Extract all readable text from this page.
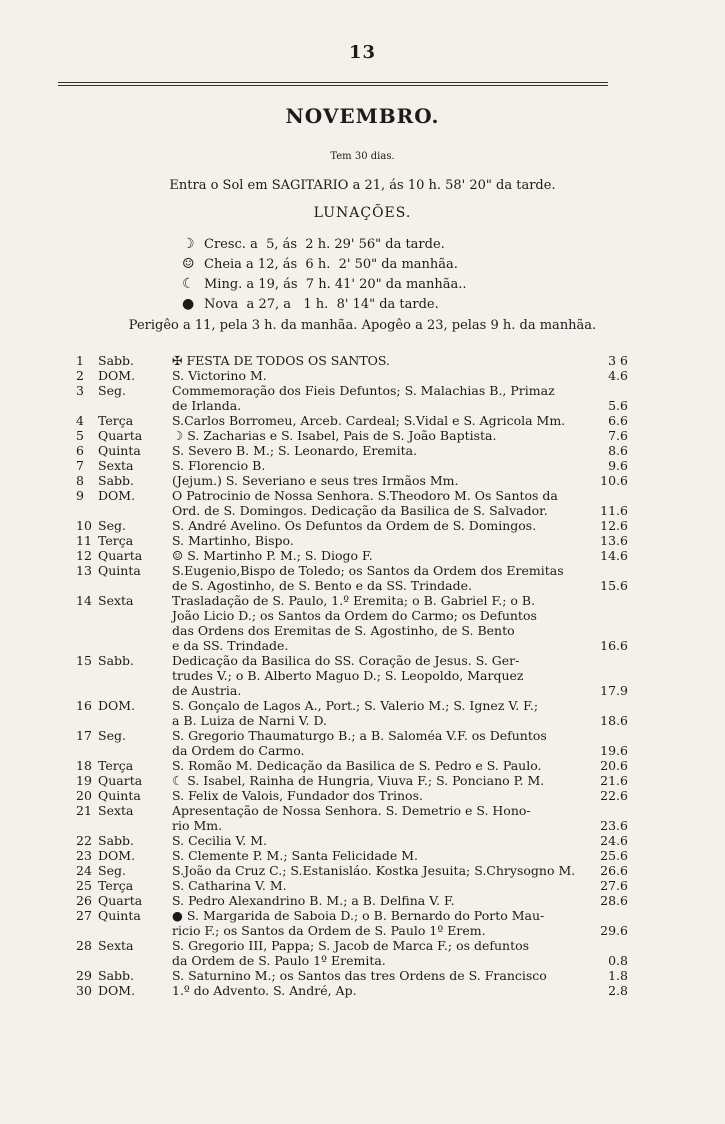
13
NOVEMBRO.
Tem 30 dias.
Entra o Sol em SAGITARIO a 21, ás 10 h. 58' 20" da tarde.
LUNAÇÕES.
☽ Cresc. a  5, ás  2 h. 29' 56" da tarde.
☺ Cheia a 12, ás  6 h.  2' 50" da manhãa.
☾ Ming. a 19, ás  7 h. 41' 20" da manhãa..
● Nova  a 27, a   1 h.  8' 14" da tarde.
Perigêo a 11, pela 3 h. da manhãa. Apogêo a 23, pelas 9 h. da manhãa.
1	Sabb.	✠ FESTA DE TODOS OS SANTOS.	3 6
2	DOM.	S. Victorino M.	4.6
3	Seg.	Commemoração dos Fieis Defuntos; S. Malachias B., Primaz
de Irlanda.	5.6
4	Terça	S.Carlos Borromeu, Arceb. Cardeal; S.Vidal e S. Agricola Mm.	6.6
5	Quarta	☽ S. Zacharias e S. Isabel, Pais de S. João Baptista.	7.6
6	Quinta	S. Severo B. M.; S. Leonardo, Eremita.	8.6
7	Sexta	S. Florencio B.	9.6
8	Sabb.	(Jejum.) S. Severiano e seus tres Irmãos Mm.	10.6
9	DOM.	O Patrocinio de Nossa Senhora. S.Theodoro M. Os Santos da
Ord. de S. Domingos. Dedicação da Basilica de S. Salvador.	11.6
10 Seg.	S. André Avelino. Os Defuntos da Ordem de S. Domingos.	12.6
11 Terça	S. Martinho, Bispo.	13.6
12 Quarta	☺ S. Martinho P. M.; S. Diogo F.	14.6
13 Quinta	S.Eugenio,Bispo de Toledo; os Santos da Ordem dos Eremitas
de S. Agostinho, de S. Bento e da SS. Trindade.	15.6
14 Sexta	Trasladação de S. Paulo, 1.º Eremita; o B. Gabriel F.; o B.
João Licio D.; os Santos da Ordem do Carmo; os Defuntos
das Ordens dos Eremitas de S. Agostinho, de S. Bento
e da SS. Trindade.	16.6
15 Sabb.	Dedicação da Basilica do SS. Coração de Jesus. S. Ger-
trudes V.; o B. Alberto Maguo D.; S. Leopoldo, Marquez
de Austria.	17.9
16 DOM.	S. Gonçalo de Lagos A., Port.; S. Valerio M.; S. Ignez V. F.;
a B. Luiza de Narni V. D.	18.6
17 Seg.	S. Gregorio Thaumaturgo B.; a B. Saloméa V.F. os Defuntos
da Ordem do Carmo.	19.6
18 Terça	S. Romão M. Dedicação da Basilica de S. Pedro e S. Paulo.	20.6
19 Quarta	☾ S. Isabel, Rainha de Hungria, Viuva F.; S. Ponciano P. M.	21.6
20 Quinta	S. Felix de Valois, Fundador dos Trinos.	22.6
21 Sexta	Apresentação de Nossa Senhora. S. Demetrio e S. Hono-
rio Mm.	23.6
22 Sabb.	S. Cecilia V. M.	24.6
23 DOM.	S. Clemente P. M.; Santa Felicidade M.	25.6
24 Seg.	S.João da Cruz C.; S.Estanisláo. Kostka Jesuita; S.Chrysogno M.	26.6
25 Terça	S. Catharina V. M.	27.6
26 Quarta	S. Pedro Alexandrino B. M.; a B. Delfina V. F.	28.6
27 Quinta	● S. Margarida de Saboia D.; o B. Bernardo do Porto Mau-
ricio F.; os Santos da Ordem de S. Paulo 1º Erem.	29.6
28 Sexta	S. Gregorio III, Pappa; S. Jacob de Marca F.; os defuntos
da Ordem de S. Paulo 1º Eremita.	0.8
29 Sabb.	S. Saturnino M.; os Santos das tres Ordens de S. Francisco	1.8
30 DOM.	1.º do Advento. S. André, Ap.	2.8
